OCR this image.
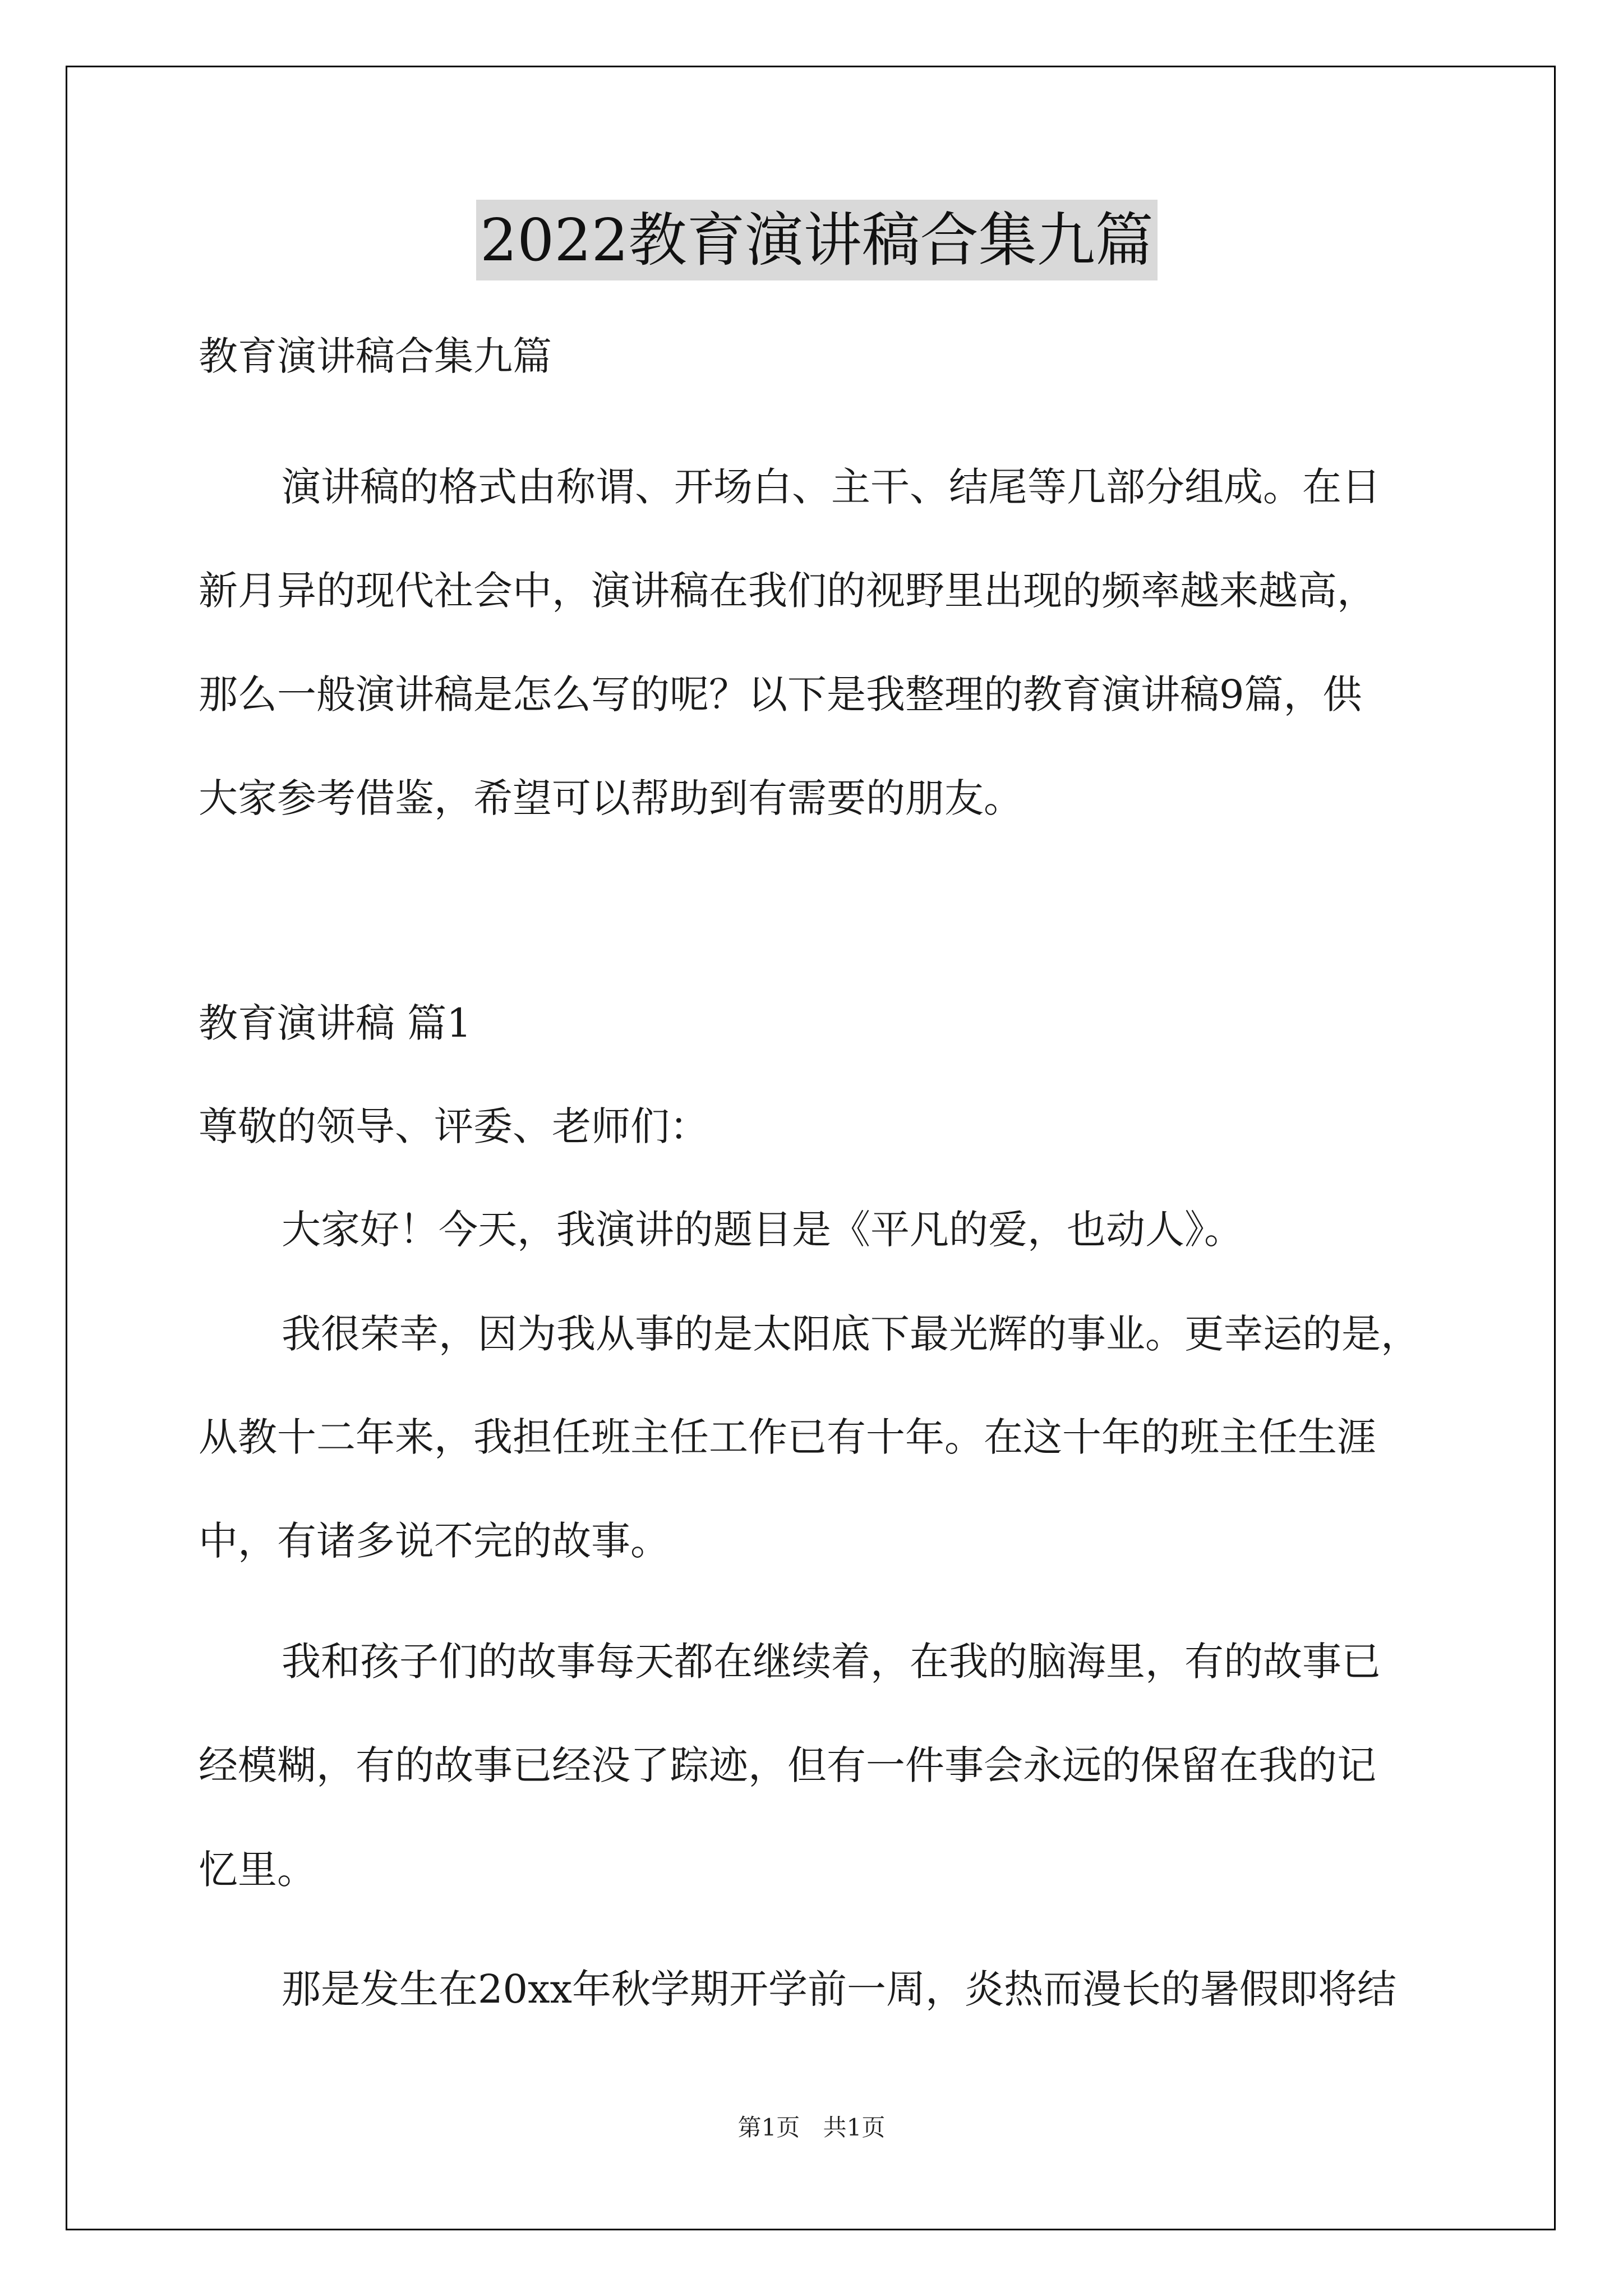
2022教育演讲稿合集九篇
教育演讲稿合集九篇
演讲稿的格式由称谓、开场白、主干、结尾等几部分组成。在日
新月异的现代社会中，演讲稿在我们的视野里出现的频率越来越高，
那么一般演讲稿是怎么写的呢？以下是我整理的教育演讲稿9篇，供
大家参考借鉴，希望可以帮助到有需要的朋友。
教育演讲稿 篇1
尊敬的领导、评委、老师们：
大家好！今天，我演讲的题目是《平凡的爱，也动人》。
我很荣幸，因为我从事的是太阳底下最光辉的事业。更幸运的是，
从教十二年来，我担任班主任工作已有十年。在这十年的班主任生涯
中，有诸多说不完的故事。
我和孩子们的故事每天都在继续着，在我的脑海里，有的故事已
经模糊，有的故事已经没了踪迹，但有一件事会永远的保留在我的记
忆里。
那是发生在20xx年秋学期开学前一周，炎热而漫长的暑假即将结
第1页 共1页
